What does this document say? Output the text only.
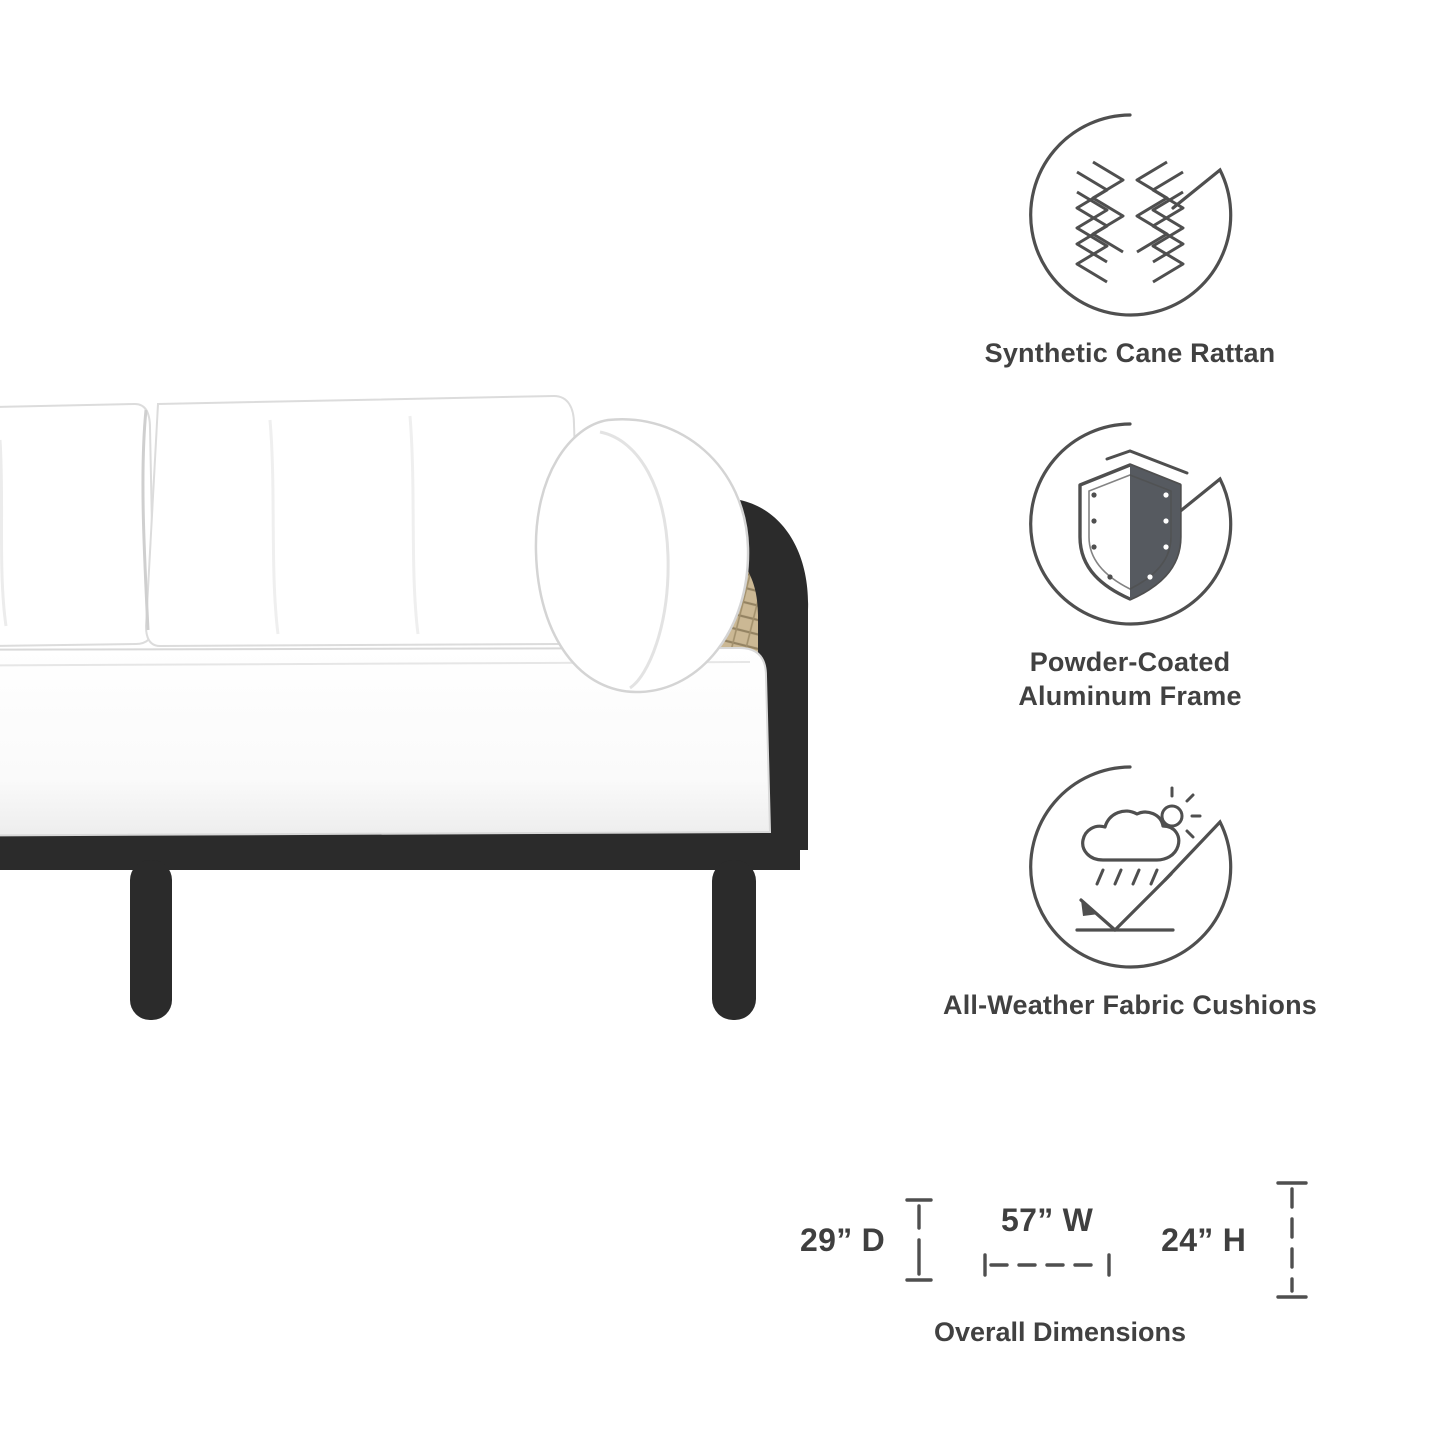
Synthetic Cane Rattan
Powder-Coated
Aluminum Frame
All-Weather Fabric Cushions
29” D
57” W
24” H
Overall Dimensions
